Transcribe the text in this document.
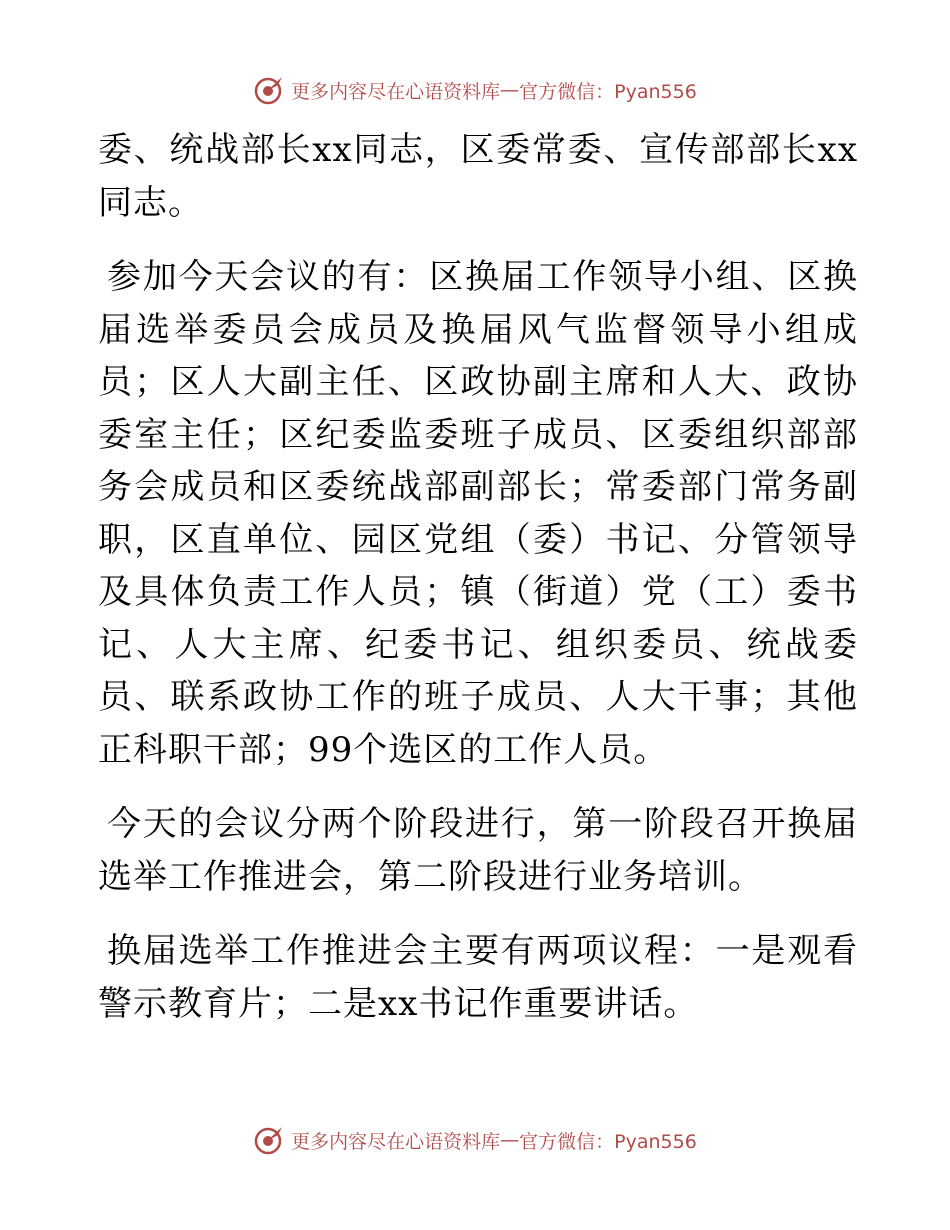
更多内容尽在心语资料库 — 官方微信：Pyan556

委、统战部长xx同志，区委常委、宣传部部长xx同志。

参加今天会议的有：区换届工作领导小组、区换届选举委员会成员及换届风气监督领导小组成员；区人大副主任、区政协副主席和人大、政协委室主任；区纪委监委班子成员、区委组织部部务会成员和区委统战部副部长；常委部门常务副职，区直单位、园区党组（委）书记、分管领导及具体负责工作人员；镇（街道）党（工）委书记、人大主席、纪委书记、组织委员、统战委员、联系政协工作的班子成员、人大干事；其他正科职干部；99个选区的工作人员。

今天的会议分两个阶段进行，第一阶段召开换届选举工作推进会，第二阶段进行业务培训。

换届选举工作推进会主要有两项议程：一是观看警示教育片；二是xx书记作重要讲话。

更多内容尽在心语资料库 — 官方微信：Pyan556
